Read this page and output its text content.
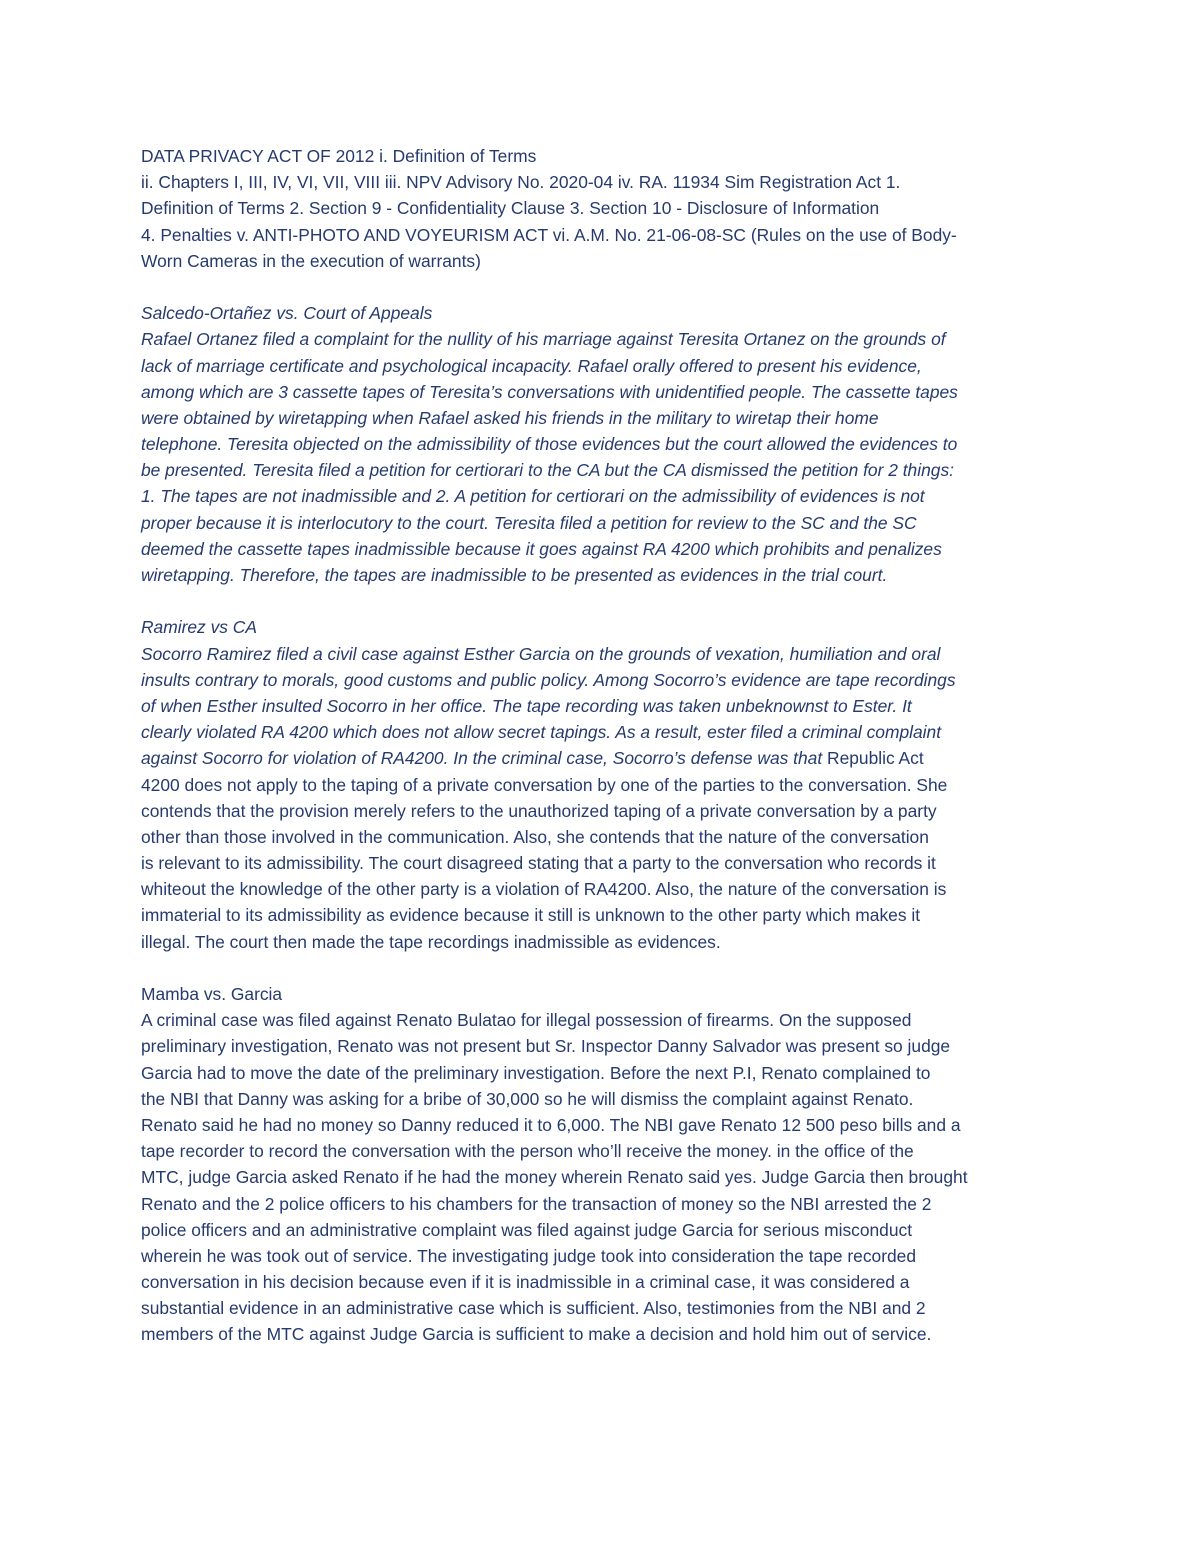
DATA PRIVACY ACT OF 2012 i. Definition of Terms
ii. Chapters I, III, IV, VI, VII, VIII iii. NPV Advisory No. 2020-04 iv. RA. 11934 Sim Registration Act 1.
Definition of Terms 2. Section 9 - Confidentiality Clause 3. Section 10 - Disclosure of Information
4. Penalties v. ANTI-PHOTO AND VOYEURISM ACT vi. A.M. No. 21-06-08-SC (Rules on the use of Body-
Worn Cameras in the execution of warrants)
Salcedo-Ortañez vs. Court of Appeals
Rafael Ortanez filed a complaint for the nullity of his marriage against Teresita Ortanez on the grounds of
lack of marriage certificate and psychological incapacity. Rafael orally offered to present his evidence,
among which are 3 cassette tapes of Teresita’s conversations with unidentified people. The cassette tapes
were obtained by wiretapping when Rafael asked his friends in the military to wiretap their home
telephone. Teresita objected on the admissibility of those evidences but the court allowed the evidences to
be presented. Teresita filed a petition for certiorari to the CA but the CA dismissed the petition for 2 things:
1. The tapes are not inadmissible and 2. A petition for certiorari on the admissibility of evidences is not
proper because it is interlocutory to the court. Teresita filed a petition for review to the SC and the SC
deemed the cassette tapes inadmissible because it goes against RA 4200 which prohibits and penalizes
wiretapping. Therefore, the tapes are inadmissible to be presented as evidences in the trial court.
Ramirez vs CA
Socorro Ramirez filed a civil case against Esther Garcia on the grounds of vexation, humiliation and oral
insults contrary to morals, good customs and public policy. Among Socorro’s evidence are tape recordings
of when Esther insulted Socorro in her office. The tape recording was taken unbeknownst to Ester. It
clearly violated RA 4200 which does not allow secret tapings. As a result, ester filed a criminal complaint
against Socorro for violation of RA4200. In the criminal case, Socorro’s defense was that Republic Act
4200 does not apply to the taping of a private conversation by one of the parties to the conversation. She
contends that the provision merely refers to the unauthorized taping of a private conversation by a party
other than those involved in the communication. Also, she contends that the nature of the conversation
is relevant to its admissibility. The court disagreed stating that a party to the conversation who records it
whiteout the knowledge of the other party is a violation of RA4200. Also, the nature of the conversation is
immaterial to its admissibility as evidence because it still is unknown to the other party which makes it
illegal. The court then made the tape recordings inadmissible as evidences.
Mamba vs. Garcia
A criminal case was filed against Renato Bulatao for illegal possession of firearms. On the supposed
preliminary investigation, Renato was not present but Sr. Inspector Danny Salvador was present so judge
Garcia had to move the date of the preliminary investigation. Before the next P.I, Renato complained to
the NBI that Danny was asking for a bribe of 30,000 so he will dismiss the complaint against Renato.
Renato said he had no money so Danny reduced it to 6,000. The NBI gave Renato 12 500 peso bills and a
tape recorder to record the conversation with the person who’ll receive the money. in the office of the
MTC, judge Garcia asked Renato if he had the money wherein Renato said yes. Judge Garcia then brought
Renato and the 2 police officers to his chambers for the transaction of money so the NBI arrested the 2
police officers and an administrative complaint was filed against judge Garcia for serious misconduct
wherein he was took out of service. The investigating judge took into consideration the tape recorded
conversation in his decision because even if it is inadmissible in a criminal case, it was considered a
substantial evidence in an administrative case which is sufficient. Also, testimonies from the NBI and 2
members of the MTC against Judge Garcia is sufficient to make a decision and hold him out of service.
